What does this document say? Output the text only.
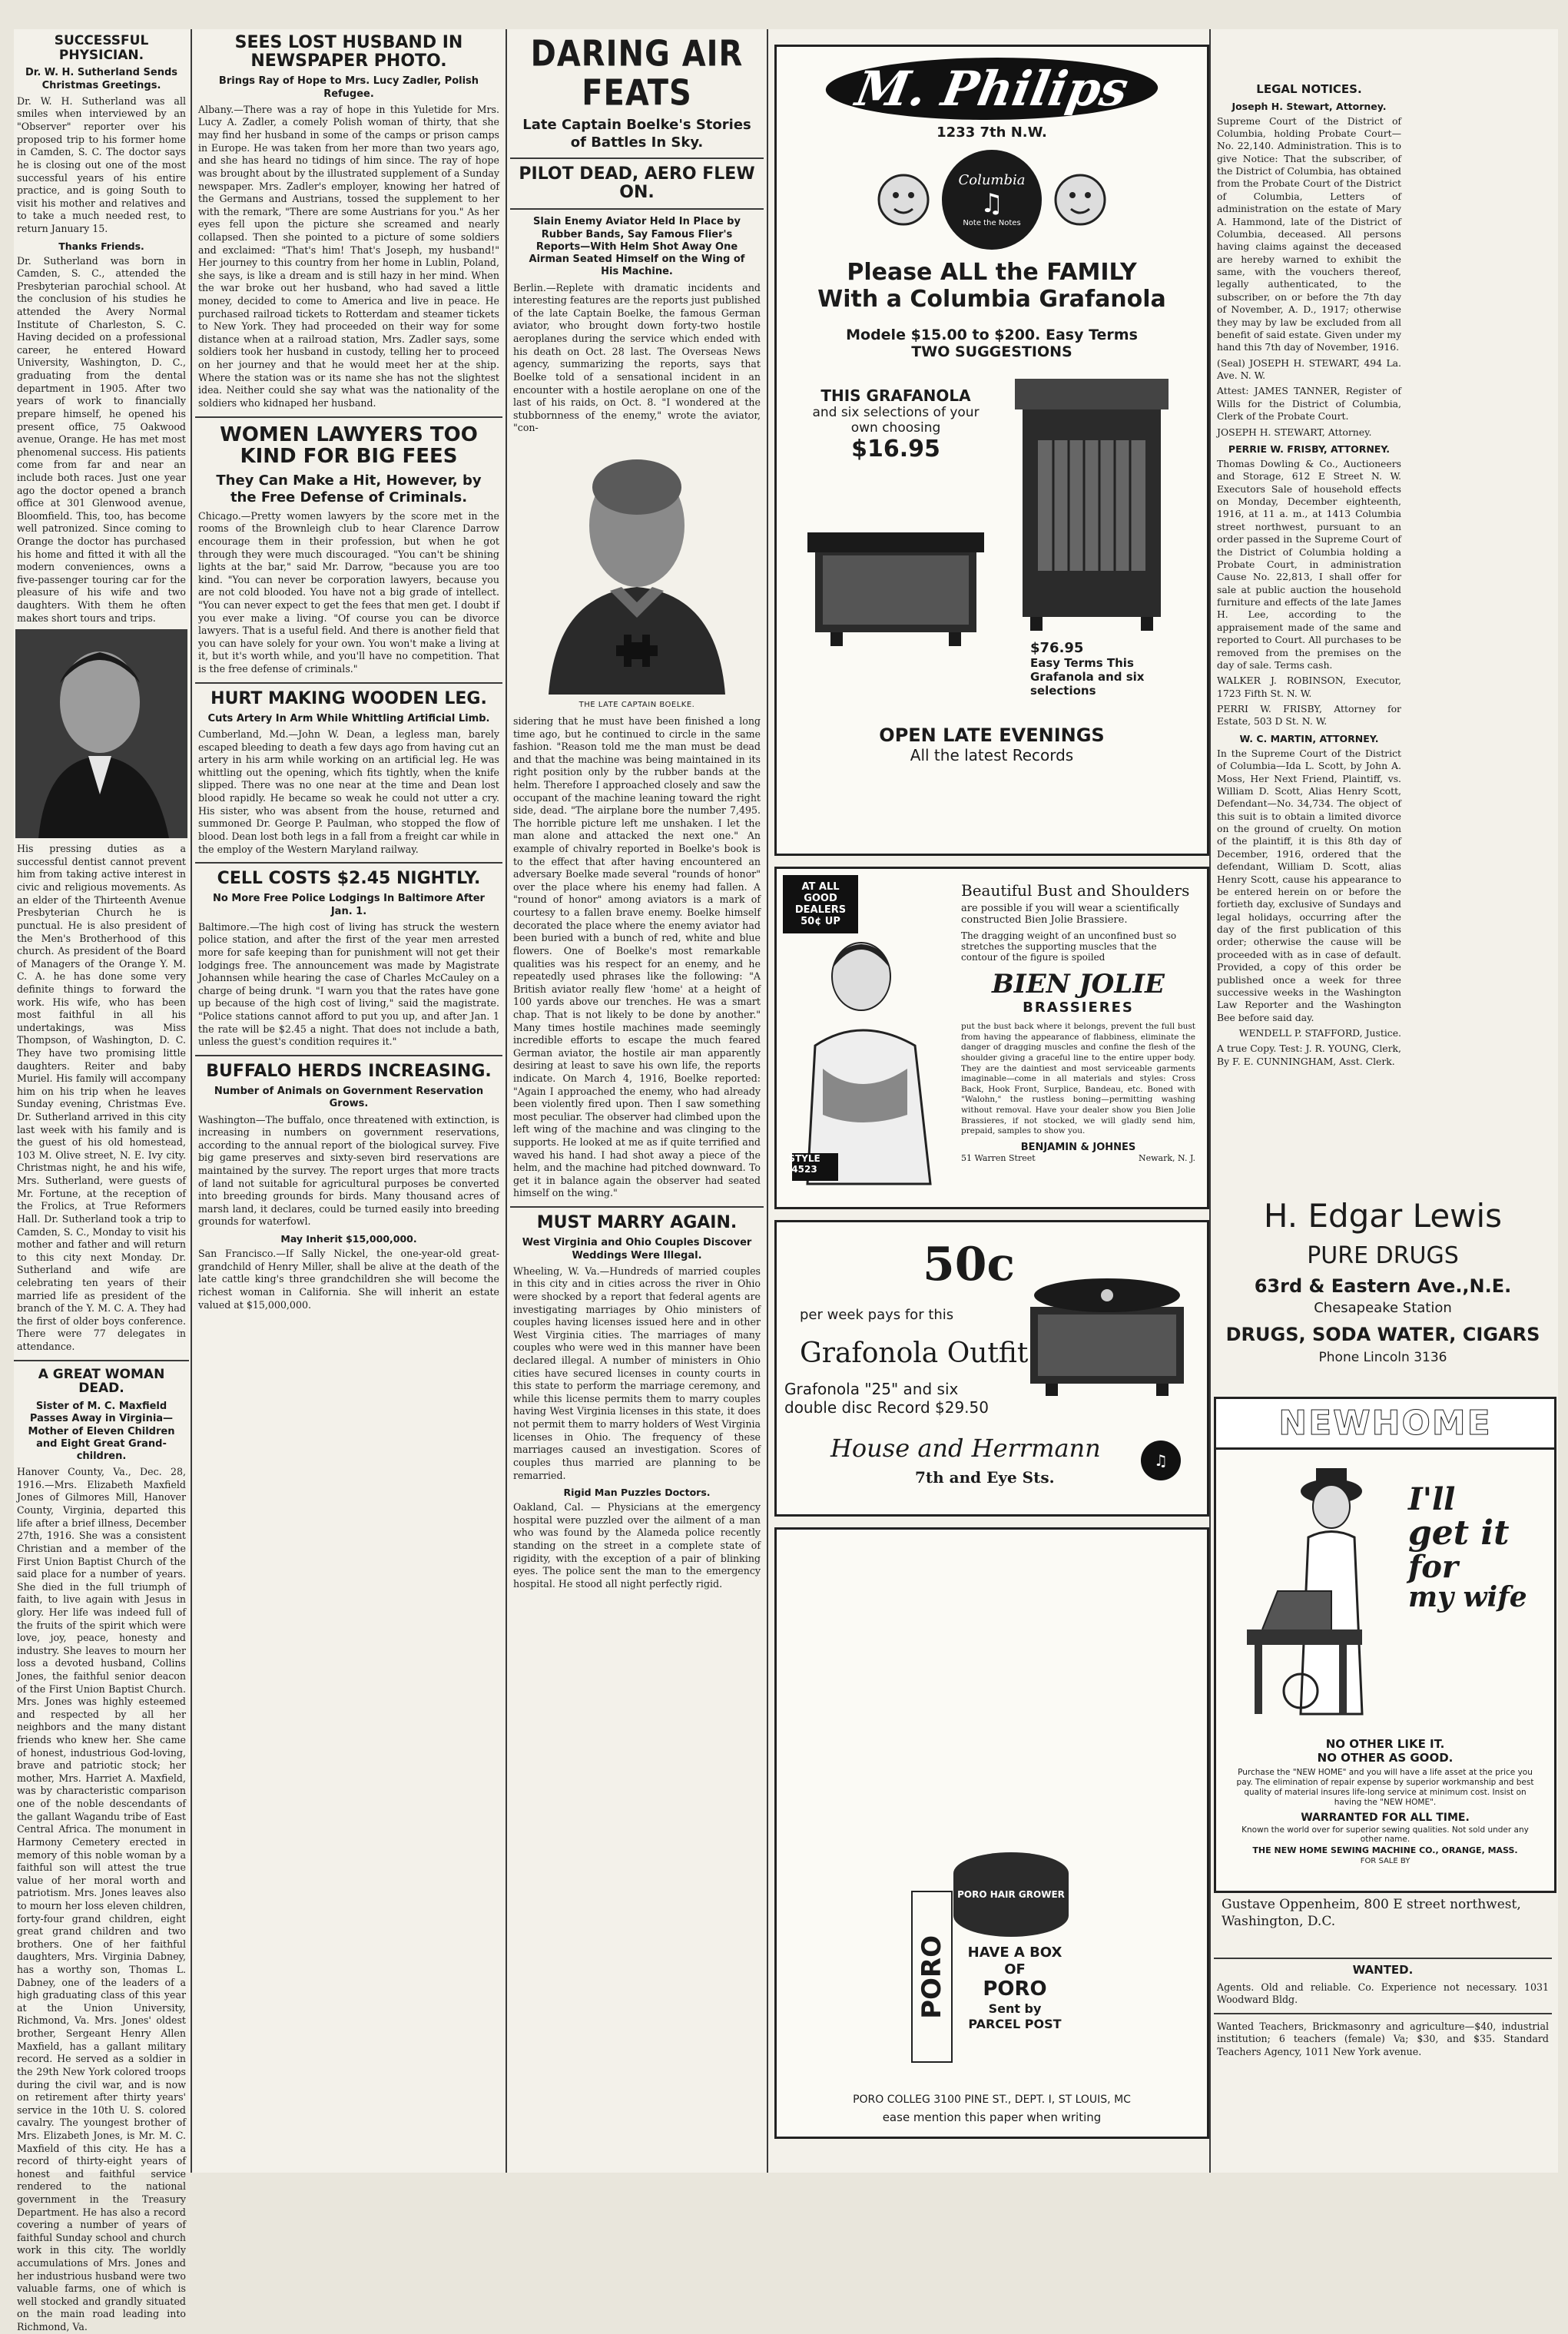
SUCCESSFUL PHYSICIAN.
Dr. W. H. Sutherland Sends Christmas Greetings.
Dr. W. H. Sutherland was all smiles when interviewed by an "Observer" reporter over his proposed trip to his former home in Camden, S. C. The doctor says he is closing out one of the most successful years of his entire practice, and is going South to visit his mother and relatives and to take a much needed rest, to return January 15.
Thanks Friends.
Dr. Sutherland was born in Camden, S. C., attended the Presbyterian parochial school. At the conclusion of his studies he attended the Avery Normal Institute of Charleston, S. C. Having decided on a professional career, he entered Howard University, Washington, D. C., graduating from the dental department in 1905. After two years of work to financially prepare himself, he opened his present office, 75 Oakwood avenue, Orange. He has met most phenomenal success. His patients come from far and near an include both races. Just one year ago the doctor opened a branch office at 301 Glenwood avenue, Bloomfield. This, too, has become well patronized. Since coming to Orange the doctor has purchased his home and fitted it with all the modern conveniences, owns a five-passenger touring car for the pleasure of his wife and two daughters. With them he often makes short tours and trips.
His pressing duties as a successful dentist cannot prevent him from taking active interest in civic and religious movements. As an elder of the Thirteenth Avenue Presbyterian Church he is punctual. He is also president of the Men's Brotherhood of this church. As president of the Board of Managers of the Orange Y. M. C. A. he has done some very definite things to forward the work. His wife, who has been most faithful in all his undertakings, was Miss Thompson, of Washington, D. C. They have two promising little daughters. Reiter and baby Muriel. His family will accompany him on his trip when he leaves Sunday evening, Christmas Eve. Dr. Sutherland arrived in this city last week with his family and is the guest of his old homestead, 103 M. Olive street, N. E. Ivy city. Christmas night, he and his wife, Mrs. Sutherland, were guests of Mr. Fortune, at the reception of the Frolics, at True Reformers Hall. Dr. Sutherland took a trip to Camden, S. C., Monday to visit his mother and father and will return to this city next Monday. Dr. Sutherland and wife are celebrating ten years of their married life as president of the branch of the Y. M. C. A. They had the first of older boys conference. There were 77 delegates in attendance.
A GREAT WOMAN DEAD.
Sister of M. C. Maxfield Passes Away in Virginia—Mother of Eleven Children and Eight Great Grand-children.
Hanover County, Va., Dec. 28, 1916.—Mrs. Elizabeth Maxfield Jones of Gilmores Mill, Hanover County, Virginia, departed this life after a brief illness, December 27th, 1916. She was a consistent Christian and a member of the First Union Baptist Church of the said place for a number of years. She died in the full triumph of faith, to live again with Jesus in glory. Her life was indeed full of the fruits of the spirit which were love, joy, peace, honesty and industry. She leaves to mourn her loss a devoted husband, Collins Jones, the faithful senior deacon of the First Union Baptist Church. Mrs. Jones was highly esteemed and respected by all her neighbors and the many distant friends who knew her. She came of honest, industrious God-loving, brave and patriotic stock; her mother, Mrs. Harriet A. Maxfield, was by characteristic comparison one of the noble descendants of the gallant Wagandu tribe of East Central Africa. The monument in Harmony Cemetery erected in memory of this noble woman by a faithful son will attest the true value of her moral worth and patriotism. Mrs. Jones leaves also to mourn her loss eleven children, forty-four grand children, eight great grand children and two brothers. One of her faithful daughters, Mrs. Virginia Dabney, has a worthy son, Thomas L. Dabney, one of the leaders of a high graduating class of this year at the Union University, Richmond, Va. Mrs. Jones' oldest brother, Sergeant Henry Allen Maxfield, has a gallant military record. He served as a soldier in the 29th New York colored troops during the civil war, and is now on retirement after thirty years' service in the 10th U. S. colored cavalry. The youngest brother of Mrs. Elizabeth Jones, is Mr. M. C. Maxfield of this city. He has a record of thirty-eight years of honest and faithful service rendered to the national government in the Treasury Department. He has also a record covering a number of years of faithful Sunday school and church work in this city. The worldly accumulations of Mrs. Jones and her industrious husband were two valuable farms, one of which is well stocked and grandly situated on the main road leading into Richmond, Va.
SEES LOST HUSBAND IN NEWSPAPER PHOTO.
Brings Ray of Hope to Mrs. Lucy Zadler, Polish Refugee.
Albany.—There was a ray of hope in this Yuletide for Mrs. Lucy A. Zadler, a comely Polish woman of thirty, that she may find her husband in some of the camps or prison camps in Europe. He was taken from her more than two years ago, and she has heard no tidings of him since. The ray of hope was brought about by the illustrated supplement of a Sunday newspaper. Mrs. Zadler's employer, knowing her hatred of the Germans and Austrians, tossed the supplement to her with the remark, "There are some Austrians for you." As her eyes fell upon the picture she screamed and nearly collapsed. Then she pointed to a picture of some soldiers and exclaimed: "That's him! That's Joseph, my husband!" Her journey to this country from her home in Lublin, Poland, she says, is like a dream and is still hazy in her mind. When the war broke out her husband, who had saved a little money, decided to come to America and live in peace. He purchased railroad tickets to Rotterdam and steamer tickets to New York. They had proceeded on their way for some distance when at a railroad station, Mrs. Zadler says, some soldiers took her husband in custody, telling her to proceed on her journey and that he would meet her at the ship. Where the station was or its name she has not the slightest idea. Neither could she say what was the nationality of the soldiers who kidnaped her husband.
WOMEN LAWYERS TOO KIND FOR BIG FEES
They Can Make a Hit, However, by the Free Defense of Criminals.
Chicago.—Pretty women lawyers by the score met in the rooms of the Brownleigh club to hear Clarence Darrow encourage them in their profession, but when he got through they were much discouraged. "You can't be shining lights at the bar," said Mr. Darrow, "because you are too kind. "You can never be corporation lawyers, because you are not cold blooded. You have not a big grade of intellect. "You can never expect to get the fees that men get. I doubt if you ever make a living. "Of course you can be divorce lawyers. That is a useful field. And there is another field that you can have solely for your own. You won't make a living at it, but it's worth while, and you'll have no competition. That is the free defense of criminals."
HURT MAKING WOODEN LEG.
Cuts Artery In Arm While Whittling Artificial Limb.
Cumberland, Md.—John W. Dean, a legless man, barely escaped bleeding to death a few days ago from having cut an artery in his arm while working on an artificial leg. He was whittling out the opening, which fits tightly, when the knife slipped. There was no one near at the time and Dean lost blood rapidly. He became so weak he could not utter a cry. His sister, who was absent from the house, returned and summoned Dr. George P. Paulman, who stopped the flow of blood. Dean lost both legs in a fall from a freight car while in the employ of the Western Maryland railway.
CELL COSTS $2.45 NIGHTLY.
No More Free Police Lodgings In Baltimore After Jan. 1.
Baltimore.—The high cost of living has struck the western police station, and after the first of the year men arrested more for safe keeping than for punishment will not get their lodgings free. The announcement was made by Magistrate Johannsen while hearing the case of Charles McCauley on a charge of being drunk. "I warn you that the rates have gone up because of the high cost of living," said the magistrate. "Police stations cannot afford to put you up, and after Jan. 1 the rate will be $2.45 a night. That does not include a bath, unless the guest's condition requires it."
BUFFALO HERDS INCREASING.
Number of Animals on Government Reservation Grows.
Washington—The buffalo, once threatened with extinction, is increasing in numbers on government reservations, according to the annual report of the biological survey. Five big game preserves and sixty-seven bird reservations are maintained by the survey. The report urges that more tracts of land not suitable for agricultural purposes be converted into breeding grounds for birds. Many thousand acres of marsh land, it declares, could be turned easily into breeding grounds for waterfowl.
May Inherit $15,000,000.
San Francisco.—If Sally Nickel, the one-year-old great-grandchild of Henry Miller, shall be alive at the death of the late cattle king's three grandchildren she will become the richest woman in California. She will inherit an estate valued at $15,000,000.
DARING AIR FEATS
Late Captain Boelke's Stories of Battles In Sky.
PILOT DEAD, AERO FLEW ON.
Slain Enemy Aviator Held In Place by Rubber Bands, Say Famous Flier's Reports—With Helm Shot Away One Airman Seated Himself on the Wing of His Machine.
Berlin.—Replete with dramatic incidents and interesting features are the reports just published of the late Captain Boelke, the famous German aviator, who brought down forty-two hostile aeroplanes during the service which ended with his death on Oct. 28 last. The Overseas News agency, summarizing the reports, says that Boelke told of a sensational incident in an encounter with a hostile aeroplane on one of the last of his raids, on Oct. 8. "I wondered at the stubbornness of the enemy," wrote the aviator, "con-
THE LATE CAPTAIN BOELKE.
sidering that he must have been finished a long time ago, but he continued to circle in the same fashion. "Reason told me the man must be dead and that the machine was being maintained in its right position only by the rubber bands at the helm. Therefore I approached closely and saw the occupant of the machine leaning toward the right side, dead. "The airplane bore the number 7,495. The horrible picture left me unshaken. I let the man alone and attacked the next one." An example of chivalry reported in Boelke's book is to the effect that after having encountered an adversary Boelke made several "rounds of honor" over the place where his enemy had fallen. A "round of honor" among aviators is a mark of courtesy to a fallen brave enemy. Boelke himself decorated the place where the enemy aviator had been buried with a bunch of red, white and blue flowers. One of Boelke's most remarkable qualities was his respect for an enemy, and he repeatedly used phrases like the following: "A British aviator really flew 'home' at a height of 100 yards above our trenches. He was a smart chap. That is not likely to be done by another." Many times hostile machines made seemingly incredible efforts to escape the much feared German aviator, the hostile air man apparently desiring at least to save his own life, the reports indicate. On March 4, 1916, Boelke reported: "Again I approached the enemy, who had already been violently fired upon. Then I saw something most peculiar. The observer had climbed upon the left wing of the machine and was clinging to the supports. He looked at me as if quite terrified and waved his hand. I had shot away a piece of the helm, and the machine had pitched downward. To get it in balance again the observer had seated himself on the wing."
MUST MARRY AGAIN.
West Virginia and Ohio Couples Discover Weddings Were Illegal.
Wheeling, W. Va.—Hundreds of married couples in this city and in cities across the river in Ohio were shocked by a report that federal agents are investigating marriages by Ohio ministers of couples having licenses issued here and in other West Virginia cities. The marriages of many couples who were wed in this manner have been declared illegal. A number of ministers in Ohio cities have secured licenses in county courts in this state to perform the marriage ceremony, and while this license permits them to marry couples having West Virginia licenses in this state, it does not permit them to marry holders of West Virginia licenses in Ohio. The frequency of these marriages caused an investigation. Scores of couples thus married are planning to be remarried.
Rigid Man Puzzles Doctors.
Oakland, Cal. — Physicians at the emergency hospital were puzzled over the ailment of a man who was found by the Alameda police recently standing on the street in a complete state of rigidity, with the exception of a pair of blinking eyes. The police sent the man to the emergency hospital. He stood all night perfectly rigid.
M. Philips
1233 7th N.W.
Columbia
♫
Note the Notes
Please ALL the FAMILY
With a Columbia Grafanola
Modele $15.00 to $200. Easy Terms
TWO SUGGESTIONS
THIS GRAFANOLA
and six selections of your own choosing
$16.95
$76.95
Easy Terms This Grafanola and six selections
OPEN LATE EVENINGS
All the latest Records
AT ALL GOOD DEALERS 50¢ UP
STYLE 4523
Beautiful Bust and Shoulders
are possible if you will wear a scientifically constructed Bien Jolie Brassiere.
The dragging weight of an unconfined bust so stretches the supporting muscles that the contour of the figure is spoiled
BIEN JOLIE
BRASSIERES
put the bust back where it belongs, prevent the full bust from having the appearance of flabbiness, eliminate the danger of dragging muscles and confine the flesh of the shoulder giving a graceful line to the entire upper body. They are the daintiest and most serviceable garments imaginable—come in all materials and styles: Cross Back, Hook Front, Surplice, Bandeau, etc. Boned with "Walohn," the rustless boning—permitting washing without removal. Have your dealer show you Bien Jolie Brassieres, if not stocked, we will gladly send him, prepaid, samples to show you.
BENJAMIN & JOHNES
51 Warren Street	Newark, N. J.
50c
per week pays for this
Grafonola Outfit
Grafonola "25" and six double disc Record $29.50
House and Herrmann
7th and Eye Sts.
♫
PORO
PORO HAIR GROWER
HAVE A BOX OF
PORO
Sent by PARCEL POST
PORO COLLEG 3100 PINE ST., DEPT. I, ST LOUIS, MC
ease mention this paper when writing
LEGAL NOTICES.
Joseph H. Stewart, Attorney.
Supreme Court of the District of Columbia, holding Probate Court—No. 22,140. Administration. This is to give Notice: That the subscriber, of the District of Columbia, has obtained from the Probate Court of the District of Columbia, Letters of administration on the estate of Mary A. Hammond, late of the District of Columbia, deceased. All persons having claims against the deceased are hereby warned to exhibit the same, with the vouchers thereof, legally authenticated, to the subscriber, on or before the 7th day of November, A. D., 1917; otherwise they may by law be excluded from all benefit of said estate. Given under my hand this 7th day of November, 1916.
(Seal) JOSEPH H. STEWART, 494 La. Ave. N. W.
Attest: JAMES TANNER, Register of Wills for the District of Columbia, Clerk of the Probate Court.
JOSEPH H. STEWART, Attorney.
PERRIE W. FRISBY, ATTORNEY.
Thomas Dowling & Co., Auctioneers and Storage, 612 E Street N. W. Executors Sale of household effects on Monday, December eighteenth, 1916, at 11 a. m., at 1413 Columbia street northwest, pursuant to an order passed in the Supreme Court of the District of Columbia holding a Probate Court, in administration Cause No. 22,813, I shall offer for sale at public auction the household furniture and effects of the late James H. Lee, according to the appraisement made of the same and reported to Court. All purchases to be removed from the premises on the day of sale. Terms cash.
WALKER J. ROBINSON, Executor, 1723 Fifth St. N. W.
PERRI W. FRISBY, Attorney for Estate, 503 D St. N. W.
W. C. MARTIN, ATTORNEY.
In the Supreme Court of the District of Columbia—Ida L. Scott, by John A. Moss, Her Next Friend, Plaintiff, vs. William D. Scott, Alias Henry Scott, Defendant—No. 34,734. The object of this suit is to obtain a limited divorce on the ground of cruelty. On motion of the plaintiff, it is this 8th day of December, 1916, ordered that the defendant, William D. Scott, alias Henry Scott, cause his appearance to be entered herein on or before the fortieth day, exclusive of Sundays and legal holidays, occurring after the day of the first publication of this order; otherwise the cause will be proceeded with as in case of default. Provided, a copy of this order be published once a week for three successive weeks in the Washington Law Reporter and the Washington Bee before said day.
WENDELL P. STAFFORD, Justice.
A true Copy. Test: J. R. YOUNG, Clerk, By F. E. CUNNINGHAM, Asst. Clerk.
H. Edgar Lewis
PURE DRUGS
63rd & Eastern Ave.,N.E.
Chesapeake Station
DRUGS, SODA WATER, CIGARS
Phone Lincoln 3136
NEWHOME
I'll
get it
for
my wife
NO OTHER LIKE IT.
NO OTHER AS GOOD.
Purchase the "NEW HOME" and you will have a life asset at the price you pay. The elimination of repair expense by superior workmanship and best quality of material insures life-long service at minimum cost. Insist on having the "NEW HOME".
WARRANTED FOR ALL TIME.
Known the world over for superior sewing qualities. Not sold under any other name.
THE NEW HOME SEWING MACHINE CO., ORANGE, MASS.
FOR SALE BY
Gustave Oppenheim, 800 E street northwest, Washington, D.C.
WANTED.
Agents. Old and reliable. Co. Experience not necessary. 1031 Woodward Bldg.
Wanted Teachers, Brickmasonry and agriculture—$40, industrial institution; 6 teachers (female) Va; $30, and $35. Standard Teachers Agency, 1011 New York avenue.
